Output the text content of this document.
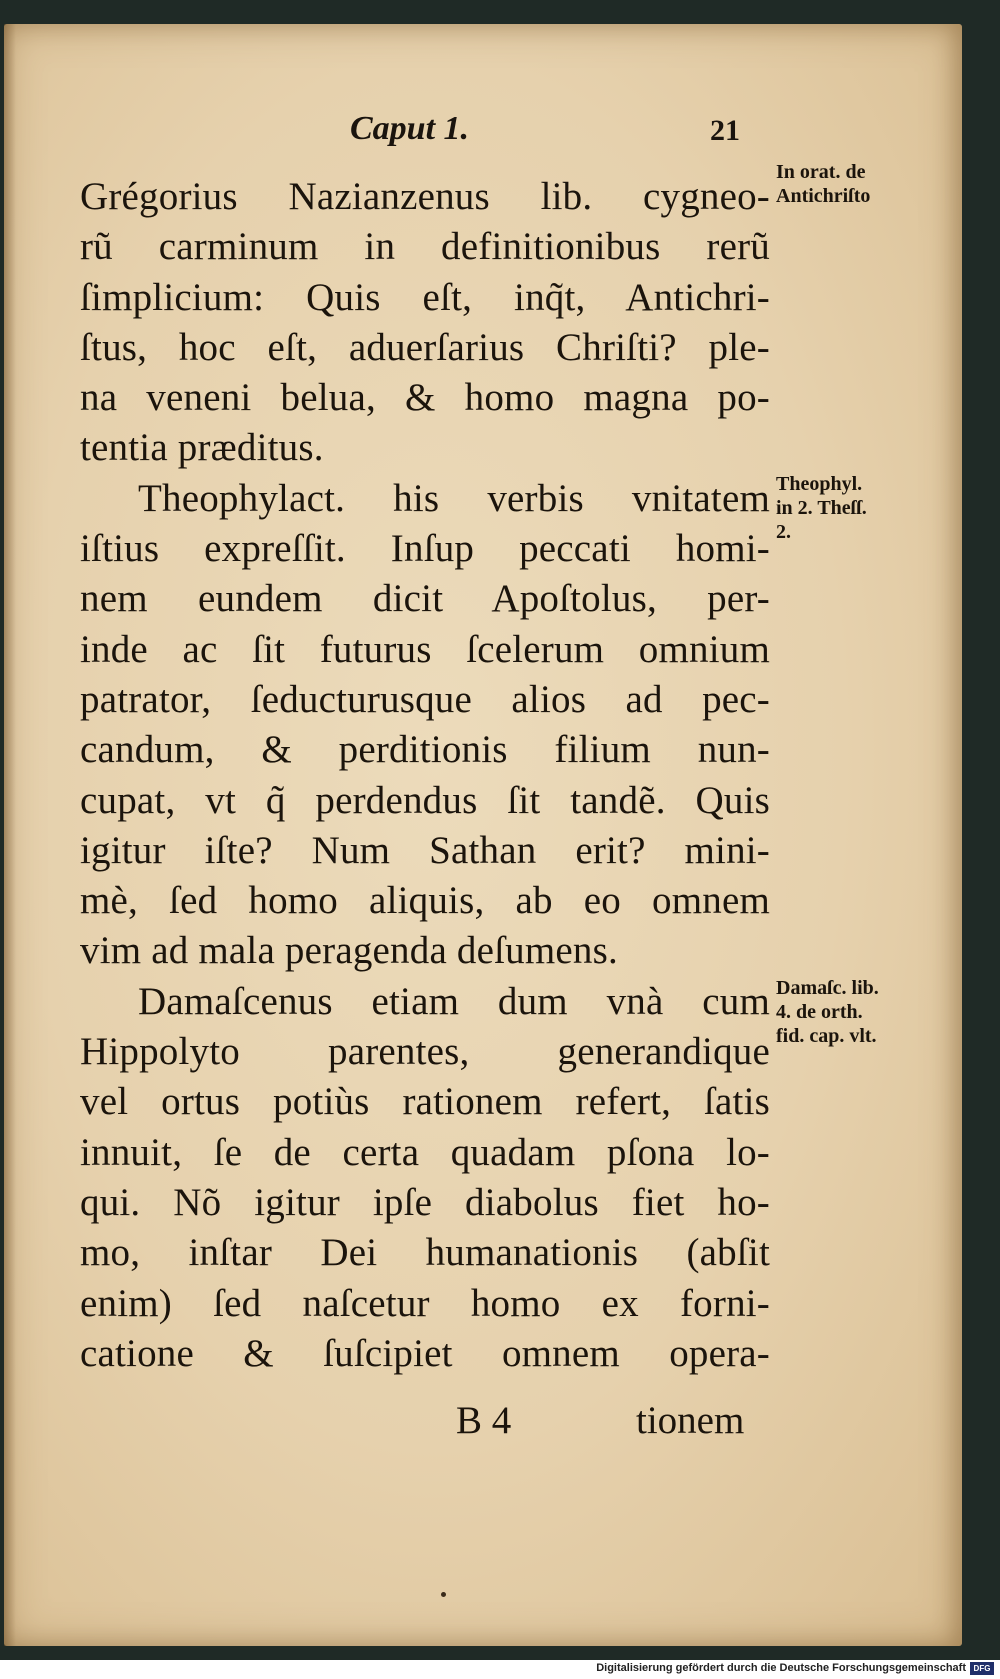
Caput 1.	21
Grégorius Nazianzenus lib. cygneo-
rũ carminum in definitionibus rerũ
ſimplicium: Quis eſt, inq̃t, Antichri-
ſtus, hoc eſt, aduerſarius Chriſti? ple-
na veneni belua, & homo magna po-
tentia præditus.
Theophylact. his verbis vnitatem
iſtius expreſſit. Inſup peccati homi-
nem eundem dicit Apoſtolus, per-
inde ac ſit futurus ſcelerum omnium
patrator, ſeducturusque alios ad pec-
candum, & perditionis filium nun-
cupat, vt q̃ perdendus ſit tandẽ. Quis
igitur iſte? Num Sathan erit? mini-
mè, ſed homo aliquis, ab eo omnem
vim ad mala peragenda deſumens.
Damaſcenus etiam dum vnà cum
Hippolyto parentes, generandique
vel ortus potiùs rationem refert, ſatis
innuit, ſe de certa quadam pſona lo-
qui. Nõ igitur ipſe diabolus fiet ho-
mo, inſtar Dei humanationis (abſit
enim) ſed naſcetur homo ex forni-
catione & ſuſcipiet omnem opera-
In orat. de
Antichriſto
Theophyl.
in 2. Theſſ.
2.
Damaſc. lib.
4. de orth.
fid. cap. vlt.
B 4	tionem
Digitalisierung gefördert durch die Deutsche Forschungsgemeinschaft DFG
